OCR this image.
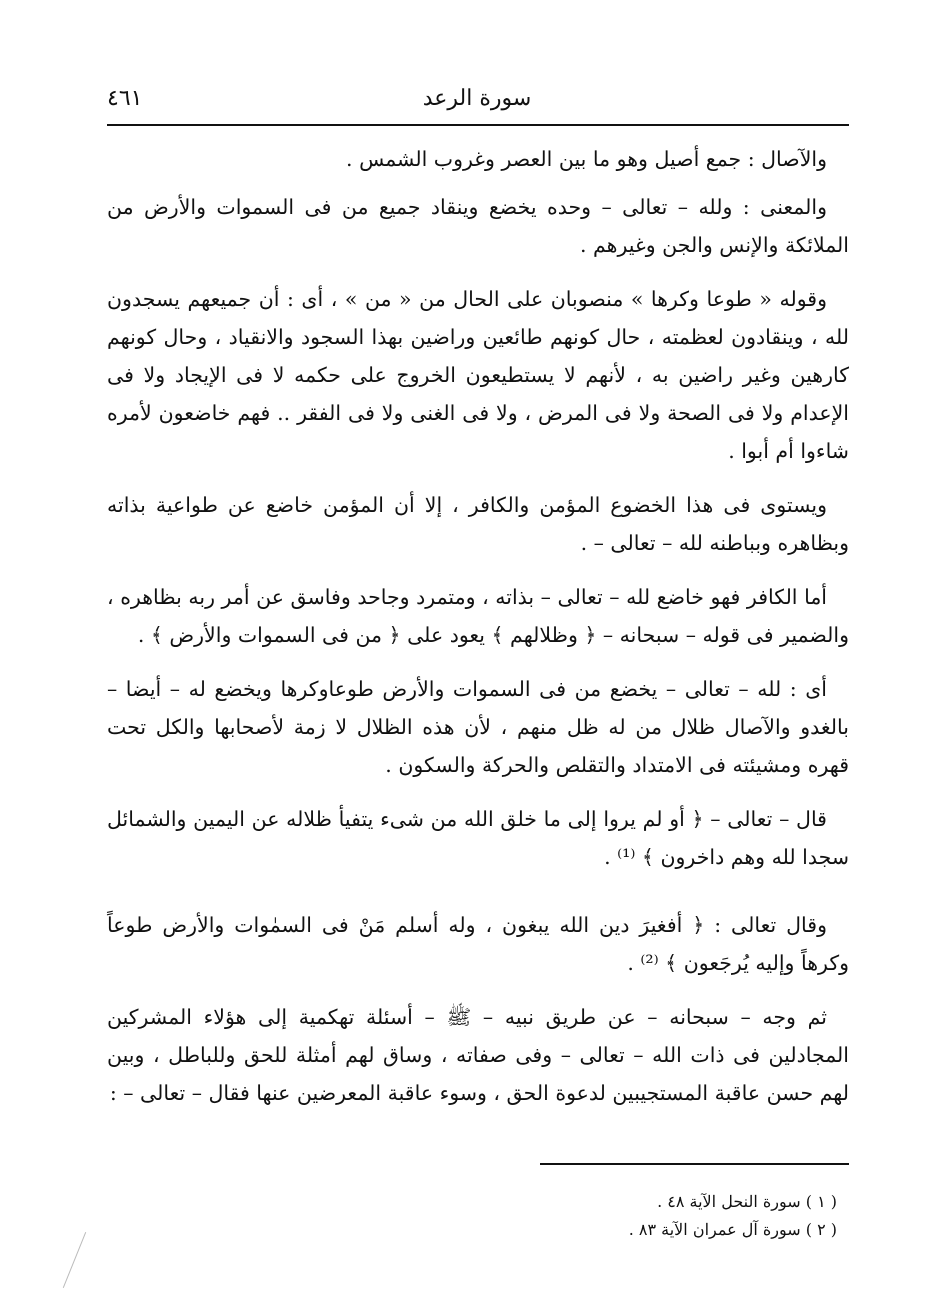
سورة الرعد
٤٦١

والآصال : جمع أصيل وهو ما بين العصر وغروب الشمس .

والمعنى : ولله – تعالى – وحده يخضع وينقاد جميع من فى السموات والأرض من الملائكة والإنس والجن وغيرهم .

وقوله « طوعا وكرها » منصوبان على الحال من « من » ، أى : أن جميعهم يسجدون لله ، وينقادون لعظمته ، حال كونهم طائعين وراضين بهذا السجود والانقياد ، وحال كونهم كارهين وغير راضين به ، لأنهم لا يستطيعون الخروج على حكمه لا فى الإيجاد ولا فى الإعدام ولا فى الصحة ولا فى المرض ، ولا فى الغنى ولا فى الفقر .. فهم خاضعون لأمره شاءوا أم أبوا .

ويستوى فى هذا الخضوع المؤمن والكافر ، إلا أن المؤمن خاضع عن طواعية بذاته وبظاهره وبباطنه لله – تعالى – .

أما الكافر فهو خاضع لله – تعالى – بذاته ، ومتمرد وجاحد وفاسق عن أمر ربه بظاهره ، والضمير فى قوله – سبحانه – ﴿ وظلالهم ﴾ يعود على ﴿ من فى السموات والأرض ﴾ .

أى : لله – تعالى – يخضع من فى السموات والأرض طوعاوكرها ويخضع له – أيضا – بالغدو والآصال ظلال من له ظل منهم ، لأن هذه الظلال لا زمة لأصحابها والكل تحت قهره ومشيئته فى الامتداد والتقلص والحركة والسكون .

قال – تعالى – ﴿ أو لم يروا إلى ما خلق الله من شىء يتفيأ ظلاله عن اليمين والشمائل سجدا لله وهم داخرون ﴾ ⁽¹⁾ .

وقال تعالى : ﴿ أفغيرَ دين الله يبغون ، وله أسلم مَنْ فى السمٰوات والأرض طوعاً وكرهاً وإليه يُرجَعون ﴾ ⁽²⁾ .

ثم وجه – سبحانه – عن طريق نبيه – ﷺ – أسئلة تهكمية إلى هؤلاء المشركين المجادلين فى ذات الله – تعالى – وفى صفاته ، وساق لهم أمثلة للحق وللباطل ، وبين لهم حسن عاقبة المستجيبين لدعوة الحق ، وسوء عاقبة المعرضين عنها فقال – تعالى – :

( ١ ) سورة النحل الآية ٤٨ .
( ٢ ) سورة آل عمران الآية ٨٣ .
